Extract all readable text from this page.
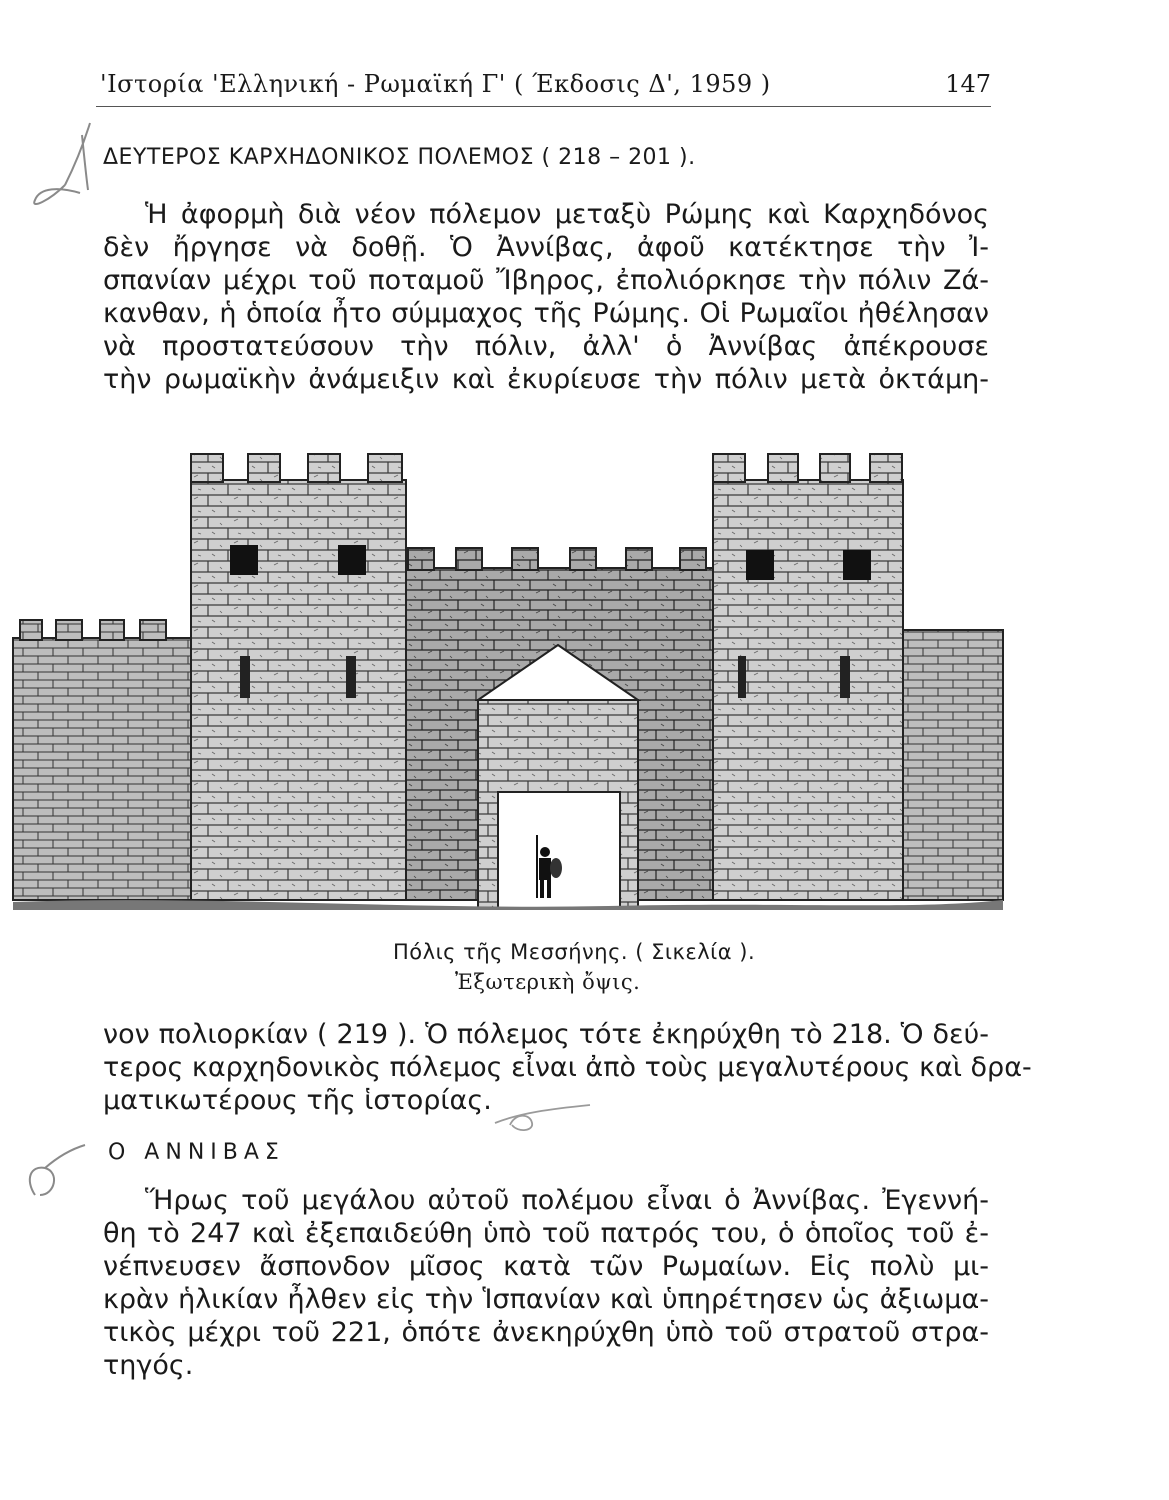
'Ιστορία 'Ελληνική - Ρωμαϊκή Γ' ( Έκδοσις Δ', 1959 )	147
ΔΕΥΤΕΡΟΣ ΚΑΡΧΗΔΟΝΙΚΟΣ ΠΟΛΕΜΟΣ ( 218 – 201 ).
Ἡ ἀφορμὴ διὰ νέον πόλεμον μεταξὺ Ρώμης καὶ Καρχηδόνος
δὲν ἤργησε νὰ δοθῇ. Ὁ Ἀννίβας, ἀφοῦ κατέκτησε τὴν Ἰ-
σπανίαν μέχρι τοῦ ποταμοῦ Ἴβηρος, ἐπολιόρκησε τὴν πόλιν Ζά-
κανθαν, ἡ ὁποία ἦτο σύμμαχος τῆς Ρώμης. Οἱ Ρωμαῖοι ἠθέλησαν
νὰ προστατεύσουν τὴν πόλιν, ἀλλ' ὁ Ἀννίβας ἀπέκρουσε
τὴν ρωμαϊκὴν ἀνάμειξιν καὶ ἐκυρίευσε τὴν πόλιν μετὰ ὀκτάμη-
Πόλις τῆς Μεσσήνης. ( Σικελία ).
Ἐξωτερικὴ ὄψις.
νον πολιορκίαν ( 219 ). Ὁ πόλεμος τότε ἐκηρύχθη τὸ 218. Ὁ δεύ-
τερος καρχηδονικὸς πόλεμος εἶναι ἀπὸ τοὺς μεγαλυτέρους καὶ δρα-
ματικωτέρους τῆς ἱστορίας.
Ο ΑΝΝΙΒΑΣ
Ἥρως τοῦ μεγάλου αὐτοῦ πολέμου εἶναι ὁ Ἀννίβας. Ἐγεννή-
θη τὸ 247 καὶ ἐξεπαιδεύθη ὑπὸ τοῦ πατρός του, ὁ ὁποῖος τοῦ ἐ-
νέπνευσεν ἄσπονδον μῖσος κατὰ τῶν Ρωμαίων. Εἰς πολὺ μι-
κρὰν ἡλικίαν ἦλθεν εἰς τὴν Ἱσπανίαν καὶ ὑπηρέτησεν ὡς ἀξιωμα-
τικὸς μέχρι τοῦ 221, ὁπότε ἀνεκηρύχθη ὑπὸ τοῦ στρατοῦ στρα-
τηγός.
